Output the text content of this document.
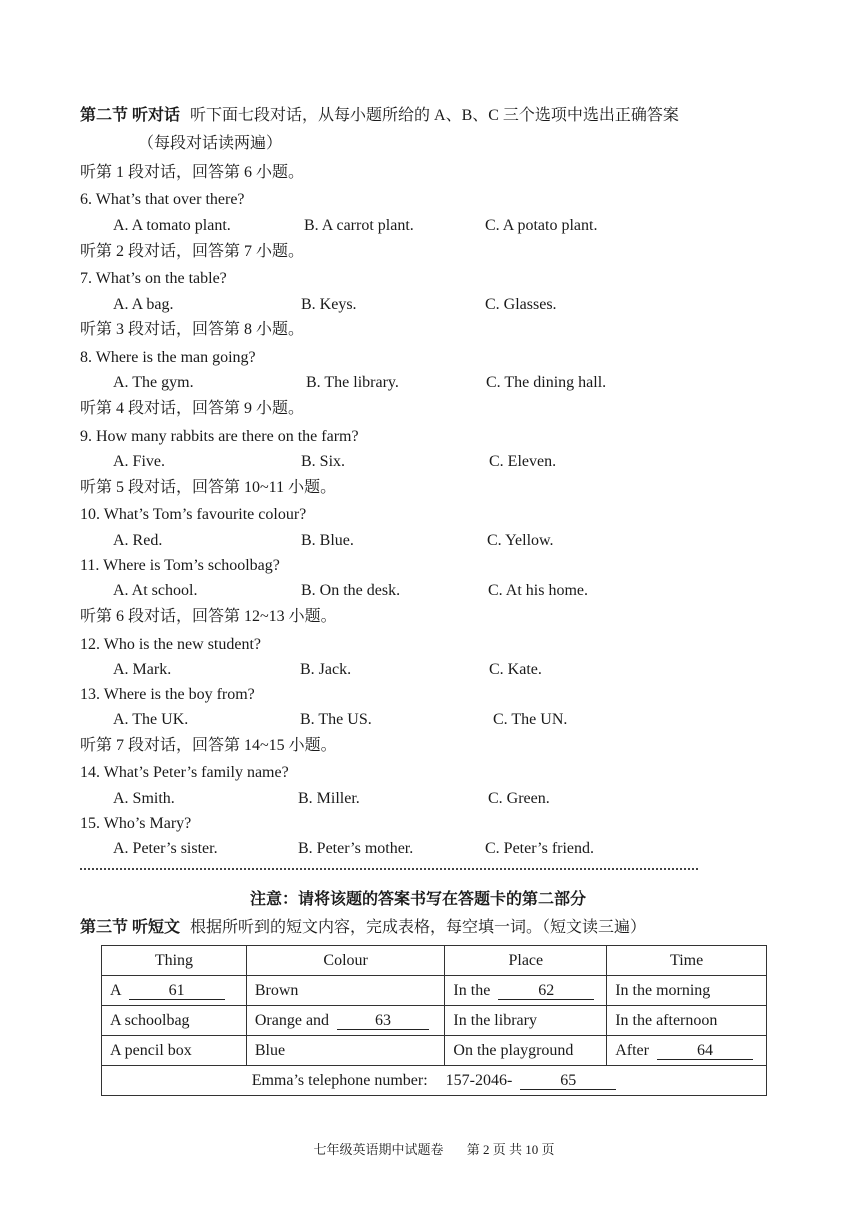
第二节 听对话 听下面七段对话，从每小题所给的 A、B、C 三个选项中选出正确答案
（每段对话读两遍）
听第 1 段对话，回答第 6 小题。
6. What’s that over there?
A. A tomato plant.	B. A carrot plant.	C. A potato plant.
听第 2 段对话，回答第 7 小题。
7. What’s on the table?
A. A bag.	B. Keys.	C. Glasses.
听第 3 段对话，回答第 8 小题。
8. Where is the man going?
A. The gym.	B. The library.	C. The dining hall.
听第 4 段对话，回答第 9 小题。
9. How many rabbits are there on the farm?
A. Five.	B. Six.	C. Eleven.
听第 5 段对话，回答第 10~11 小题。
10. What’s Tom’s favourite colour?
A. Red.	B. Blue.	C. Yellow.
11. Where is Tom’s schoolbag?
A. At school.	B. On the desk.	C. At his home.
听第 6 段对话，回答第 12~13 小题。
12. Who is the new student?
A. Mark.	B. Jack.	C. Kate.
13. Where is the boy from?
A. The UK.	B. The US.	C. The UN.
听第 7 段对话，回答第 14~15 小题。
14. What’s Peter’s family name?
A. Smith.	B. Miller.	C. Green.
15. Who’s Mary?
A. Peter’s sister.	B. Peter’s mother.	C. Peter’s friend.
注意：请将该题的答案书写在答题卡的第二部分
第三节 听短文 根据所听到的短文内容，完成表格，每空填一词。（短文读三遍）
Thing	Colour	Place	Time
A 61	Brown	In the 62	In the morning
A schoolbag	Orange and 63	In the library	In the afternoon
A pencil box	Blue	On the playground	After 64
Emma’s telephone number: 157-2046- 65			
七年级英语期中试题卷 第 2 页 共 10 页
